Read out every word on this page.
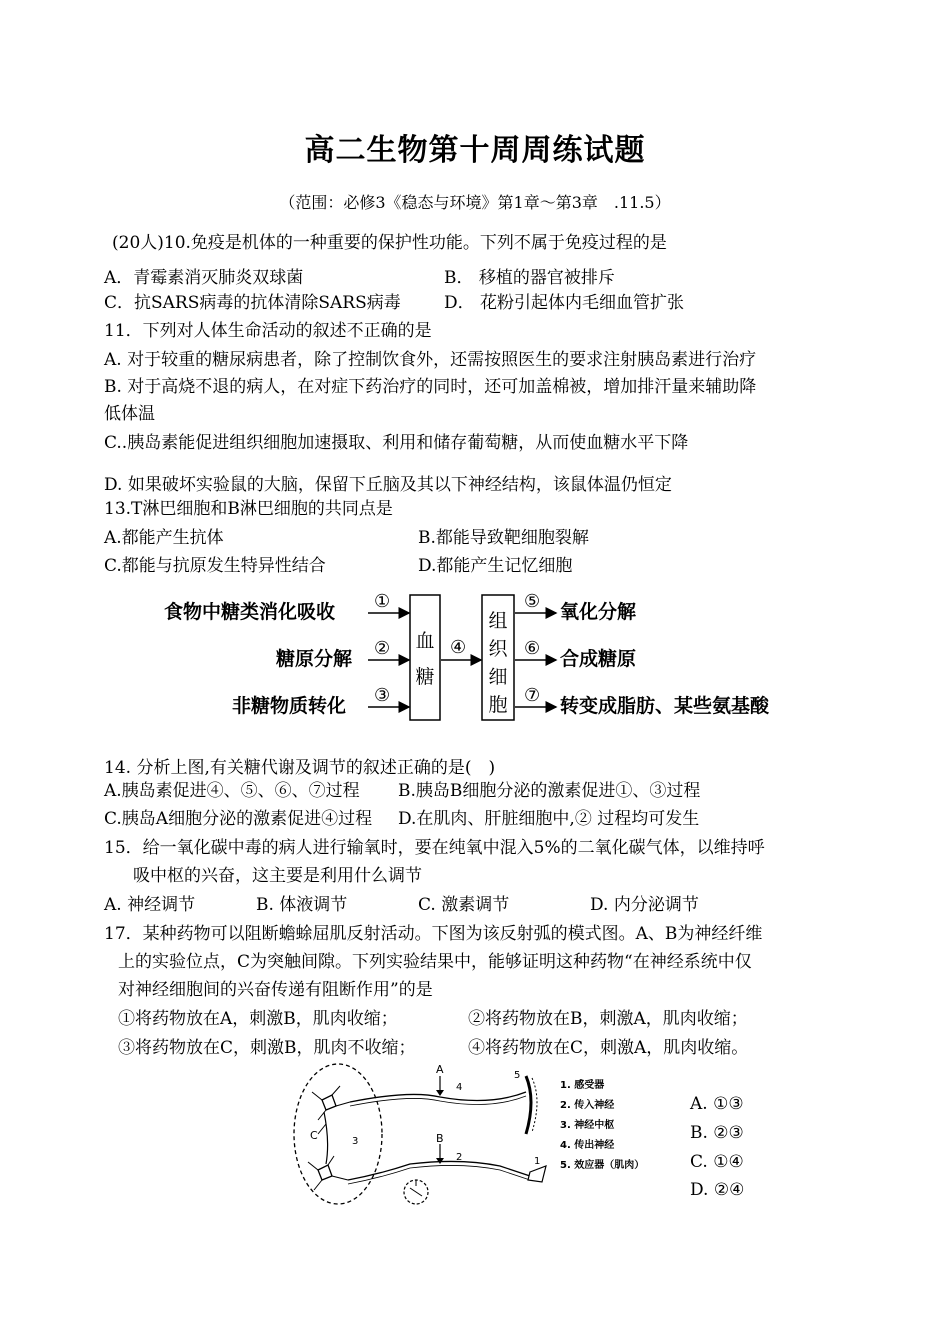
高二生物第十周周练试题
（范围：必修3《稳态与环境》第1章～第3章　.11.5）
(20人)10.免疫是机体的一种重要的保护性功能。下列不属于免疫过程的是
A．青霉素消灭肺炎双球菌	B． 移植的器官被排斥
C．抗SARS病毒的抗体清除SARS病毒	D． 花粉引起体内毛细血管扩张
11．下列对人体生命活动的叙述不正确的是
A. 对于较重的糖尿病患者，除了控制饮食外，还需按照医生的要求注射胰岛素进行治疗
B. 对于高烧不退的病人，在对症下药治疗的同时，还可加盖棉被，增加排汗量来辅助降
低体温
C..胰岛素能促进组织细胞加速摄取、利用和储存葡萄糖，从而使血糖水平下降
D. 如果破坏实验鼠的大脑，保留下丘脑及其以下神经结构，该鼠体温仍恒定
13.T淋巴细胞和B淋巴细胞的共同点是
A.都能产生抗体	B.都能导致靶细胞裂解
C.都能与抗原发生特异性结合	D.都能产生记忆细胞
食物中糖类消化吸收
糖原分解
非糖物质转化
①
②
③
血糖
④
组织细胞
⑤
⑥
⑦
氧化分解
合成糖原
转变成脂肪、某些氨基酸
14. 分析上图,有关糖代谢及调节的叙述正确的是(　)
A.胰岛素促进④、⑤、⑥、⑦过程 B.胰岛B细胞分泌的激素促进①、③过程
C.胰岛A细胞分泌的激素促进④过程 D.在肌肉、肝脏细胞中,② 过程均可发生
15．给一氧化碳中毒的病人进行输氧时，要在纯氧中混入5%的二氧化碳气体，以维持呼
吸中枢的兴奋，这主要是利用什么调节
A. 神经调节	B. 体液调节	C. 激素调节	D. 内分泌调节
17．某种药物可以阻断蟾蜍屈肌反射活动。下图为该反射弧的模式图。A、B为神经纤维
上的实验位点，C为突触间隙。下列实验结果中，能够证明这种药物“在神经系统中仅
对神经细胞间的兴奋传递有阻断作用”的是
①将药物放在A，刺激B，肌肉收缩；	②将药物放在B，刺激A，肌肉收缩；
③将药物放在C，刺激B，肌肉不收缩；	④将药物放在C，刺激A，肌肉收缩。
A
B
C
1
2
3
4
5
1. 感受器
2. 传入神经
3. 神经中枢
4. 传出神经
5. 效应器（肌肉）
A. ①③
B. ②③
C. ①④
D. ②④
